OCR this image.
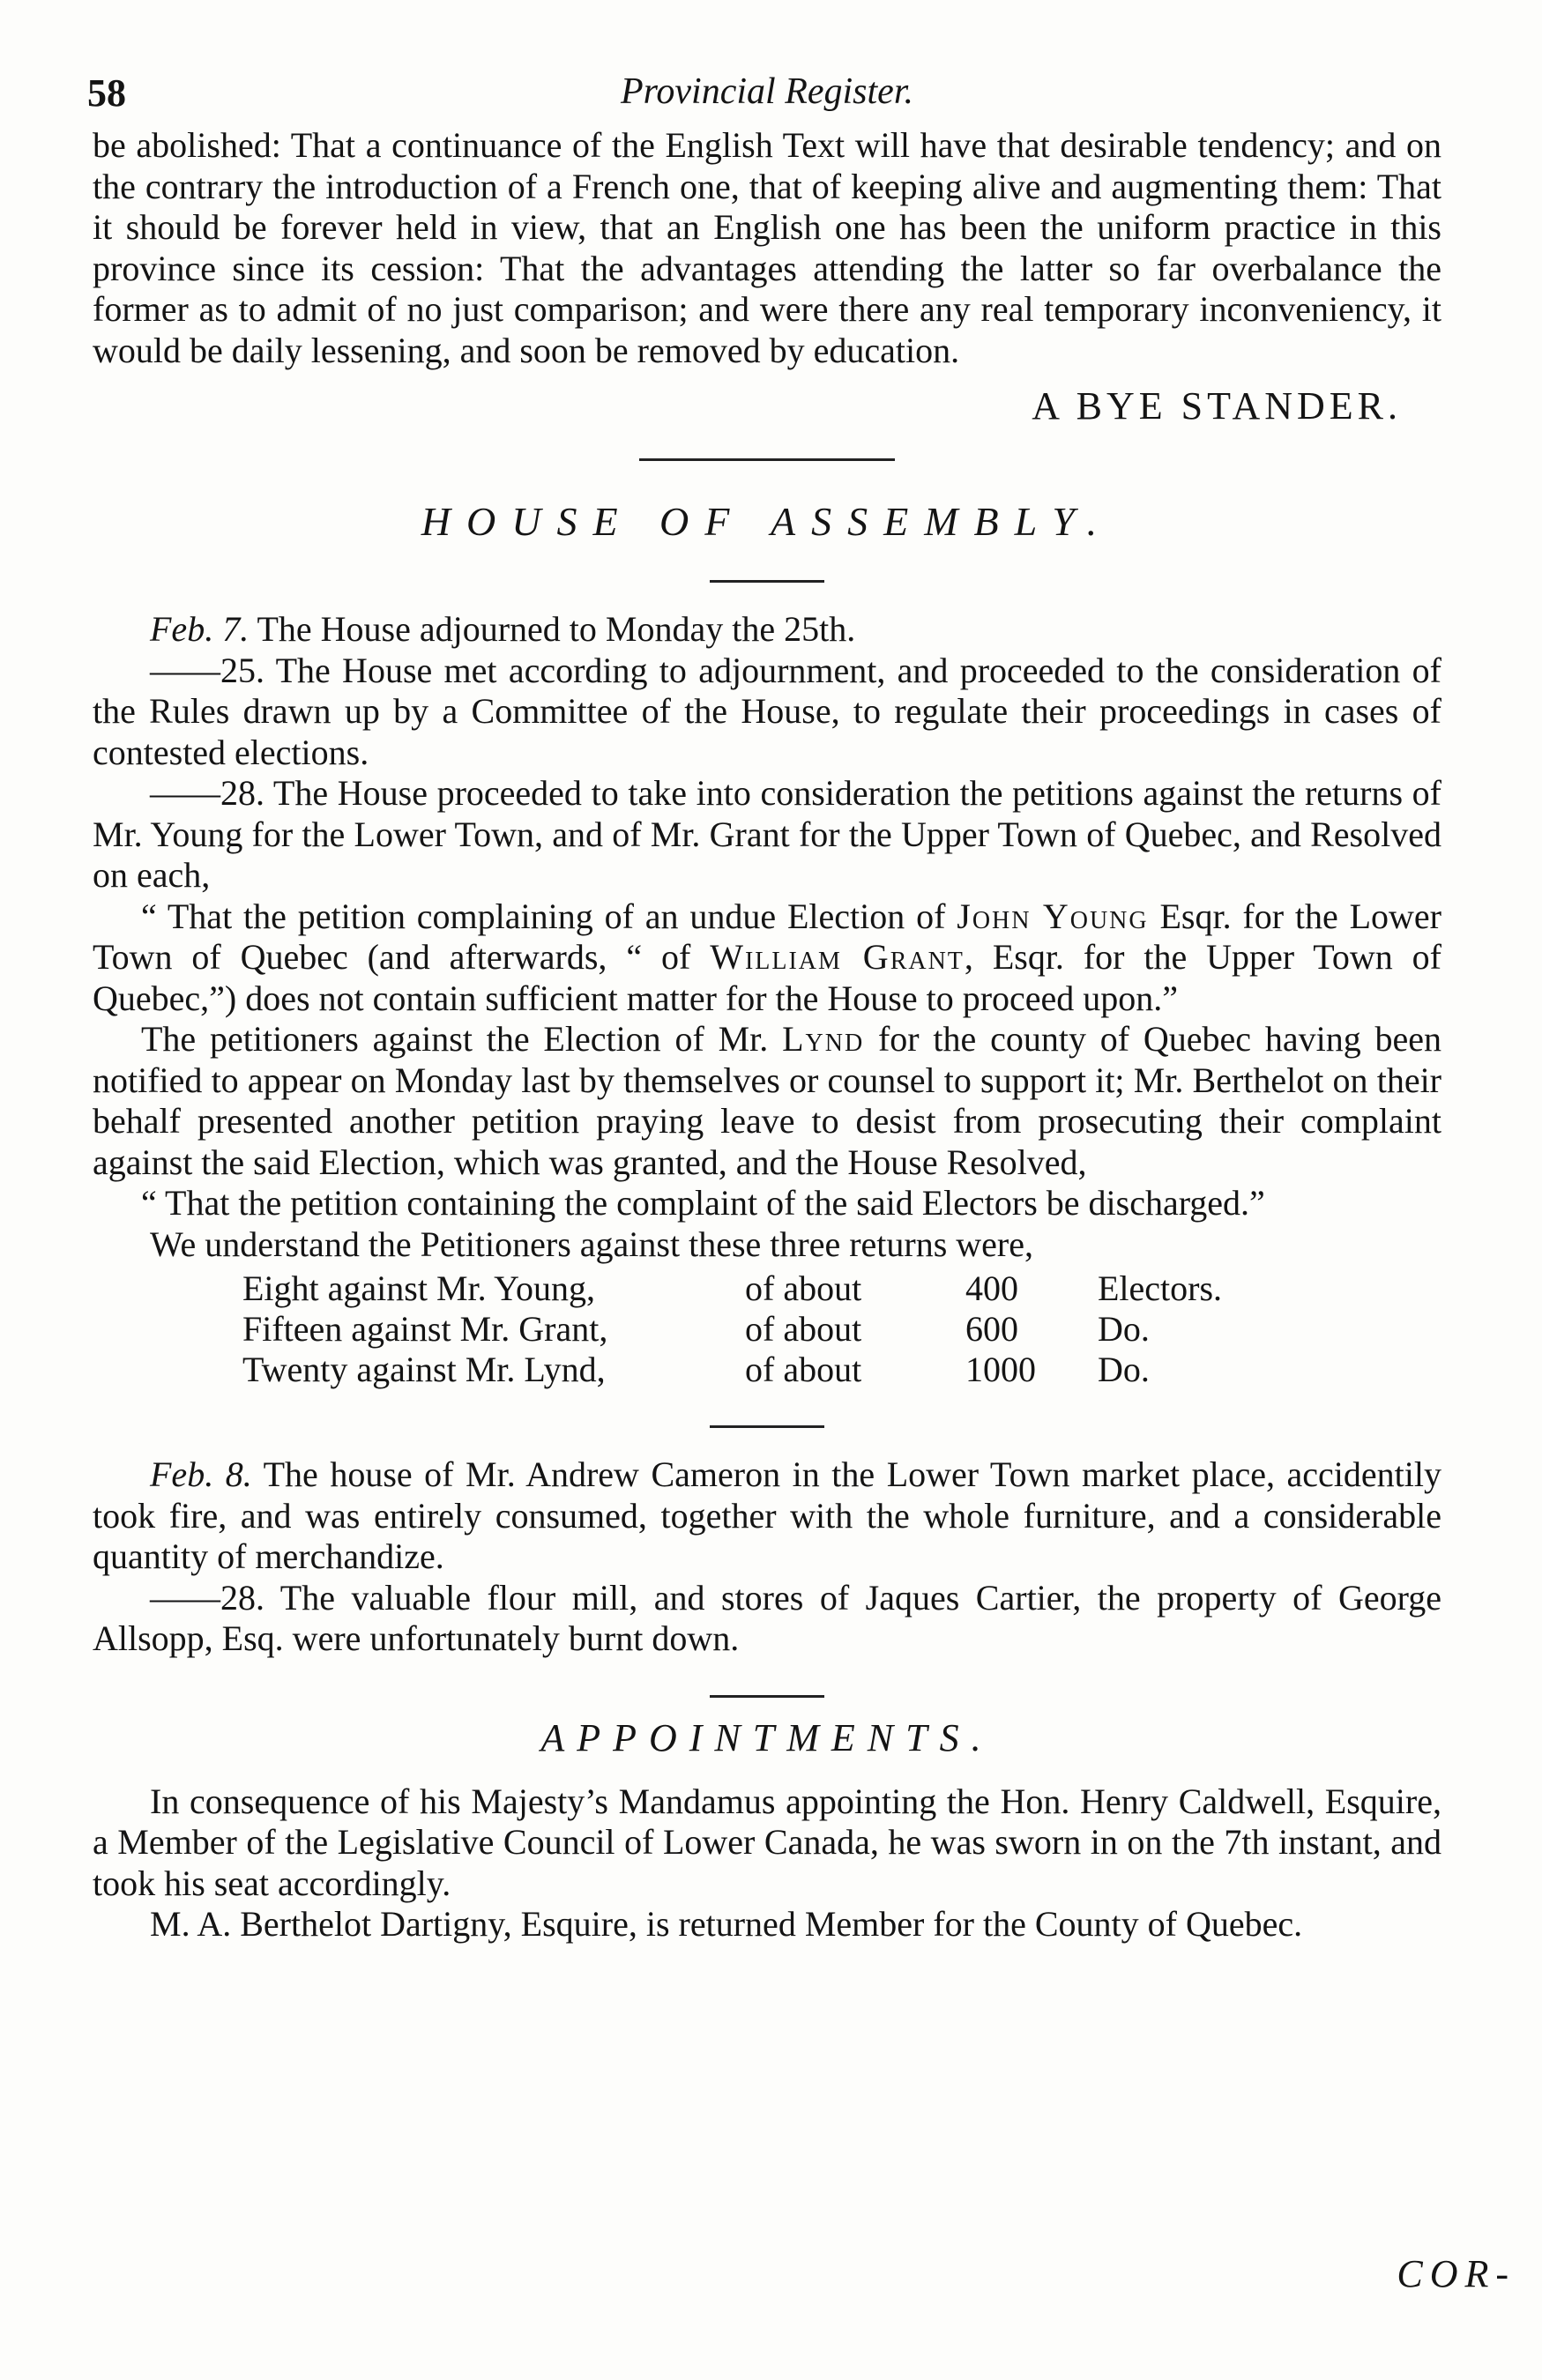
58	Provincial Register.

be abolished: That a continuance of the English Text will have that desirable tendency; and on the contrary the introduction of a French one, that of keeping alive and augmenting them: That it should be forever held in view, that an English one has been the uniform practice in this province since its cession: That the advantages attending the latter so far overbalance the former as to admit of no just comparison; and were there any real temporary inconveniency, it would be daily lessening, and soon be removed by education.

A BYE STANDER.
HOUSE OF ASSEMBLY.

Feb. 7. The House adjourned to Monday the 25th.

——25. The House met according to adjournment, and proceeded to the consideration of the Rules drawn up by a Committee of the House, to regulate their proceedings in cases of contested elections.

——28. The House proceeded to take into consideration the petitions against the returns of Mr. Young for the Lower Town, and of Mr. Grant for the Upper Town of Quebec, and Resolved on each,

“ That the petition complaining of an undue Election of John Young Esqr. for the Lower Town of Quebec (and afterwards, “ of William Grant, Esqr. for the Upper Town of Quebec,”) does not contain sufficient matter for the House to proceed upon.”

The petitioners against the Election of Mr. Lynd for the county of Quebec having been notified to appear on Monday last by themselves or counsel to support it; Mr. Berthelot on their behalf presented another petition praying leave to desist from prosecuting their complaint against the said Election, which was granted, and the House Resolved,

“ That the petition containing the complaint of the said Electors be discharged.”

We understand the Petitioners against these three returns were,

Eight against Mr. Young,	of about	400	Electors.
Fifteen against Mr. Grant,	of about	600	Do.
Twenty against Mr. Lynd,	of about	1000	Do.

Feb. 8. The house of Mr. Andrew Cameron in the Lower Town market place, accidentily took fire, and was entirely consumed, together with the whole furniture, and a considerable quantity of merchandize.

——28. The valuable flour mill, and stores of Jaques Cartier, the property of George Allsopp, Esq. were unfortunately burnt down.

APPOINTMENTS.

In consequence of his Majesty’s Mandamus appointing the Hon. Henry Caldwell, Esquire, a Member of the Legislative Council of Lower Canada, he was sworn in on the 7th instant, and took his seat accordingly.

M. A. Berthelot Dartigny, Esquire, is returned Member for the County of Quebec.

COR-
